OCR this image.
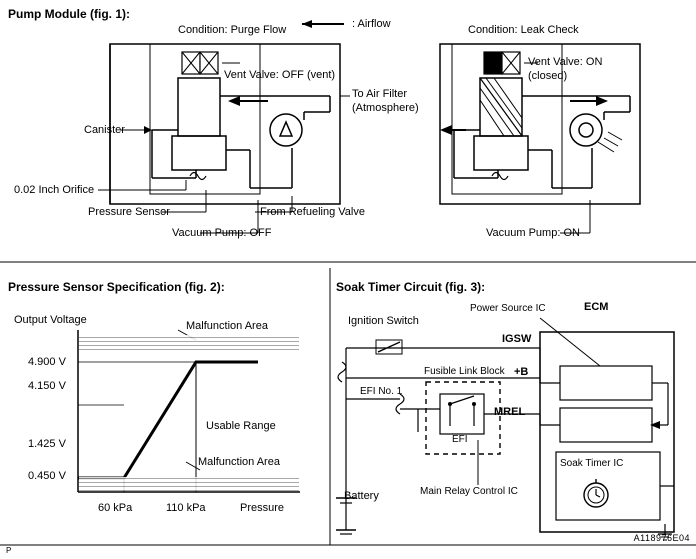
Pump Module (fig. 1):
: Airflow
Condition: Purge Flow	Condition: Leak Check
Vent Valve: OFF (vent)
Vent Valve: ON
(closed)
To Air Filter
(Atmosphere)
Canister
0.02 Inch Orifice
Pressure Sensor	From Refueling Valve
Vacuum Pump: OFF	Vacuum Pump: ON
Pressure Sensor Specification (fig. 2):
Output Voltage	Malfunction Area
Malfunction Area
Usable Range
4.900 V
4.150 V
1.425 V
0.450 V
60 kPa	110 kPa	Pressure
Soak Timer Circuit (fig. 3):
Ignition Switch
Power Source IC	ECM
IGSW
Fusible Link Block +B
EFI No. 1
EFI
MREL
Soak Timer IC
Battery	Main Relay Control IC
A118976E04
P
